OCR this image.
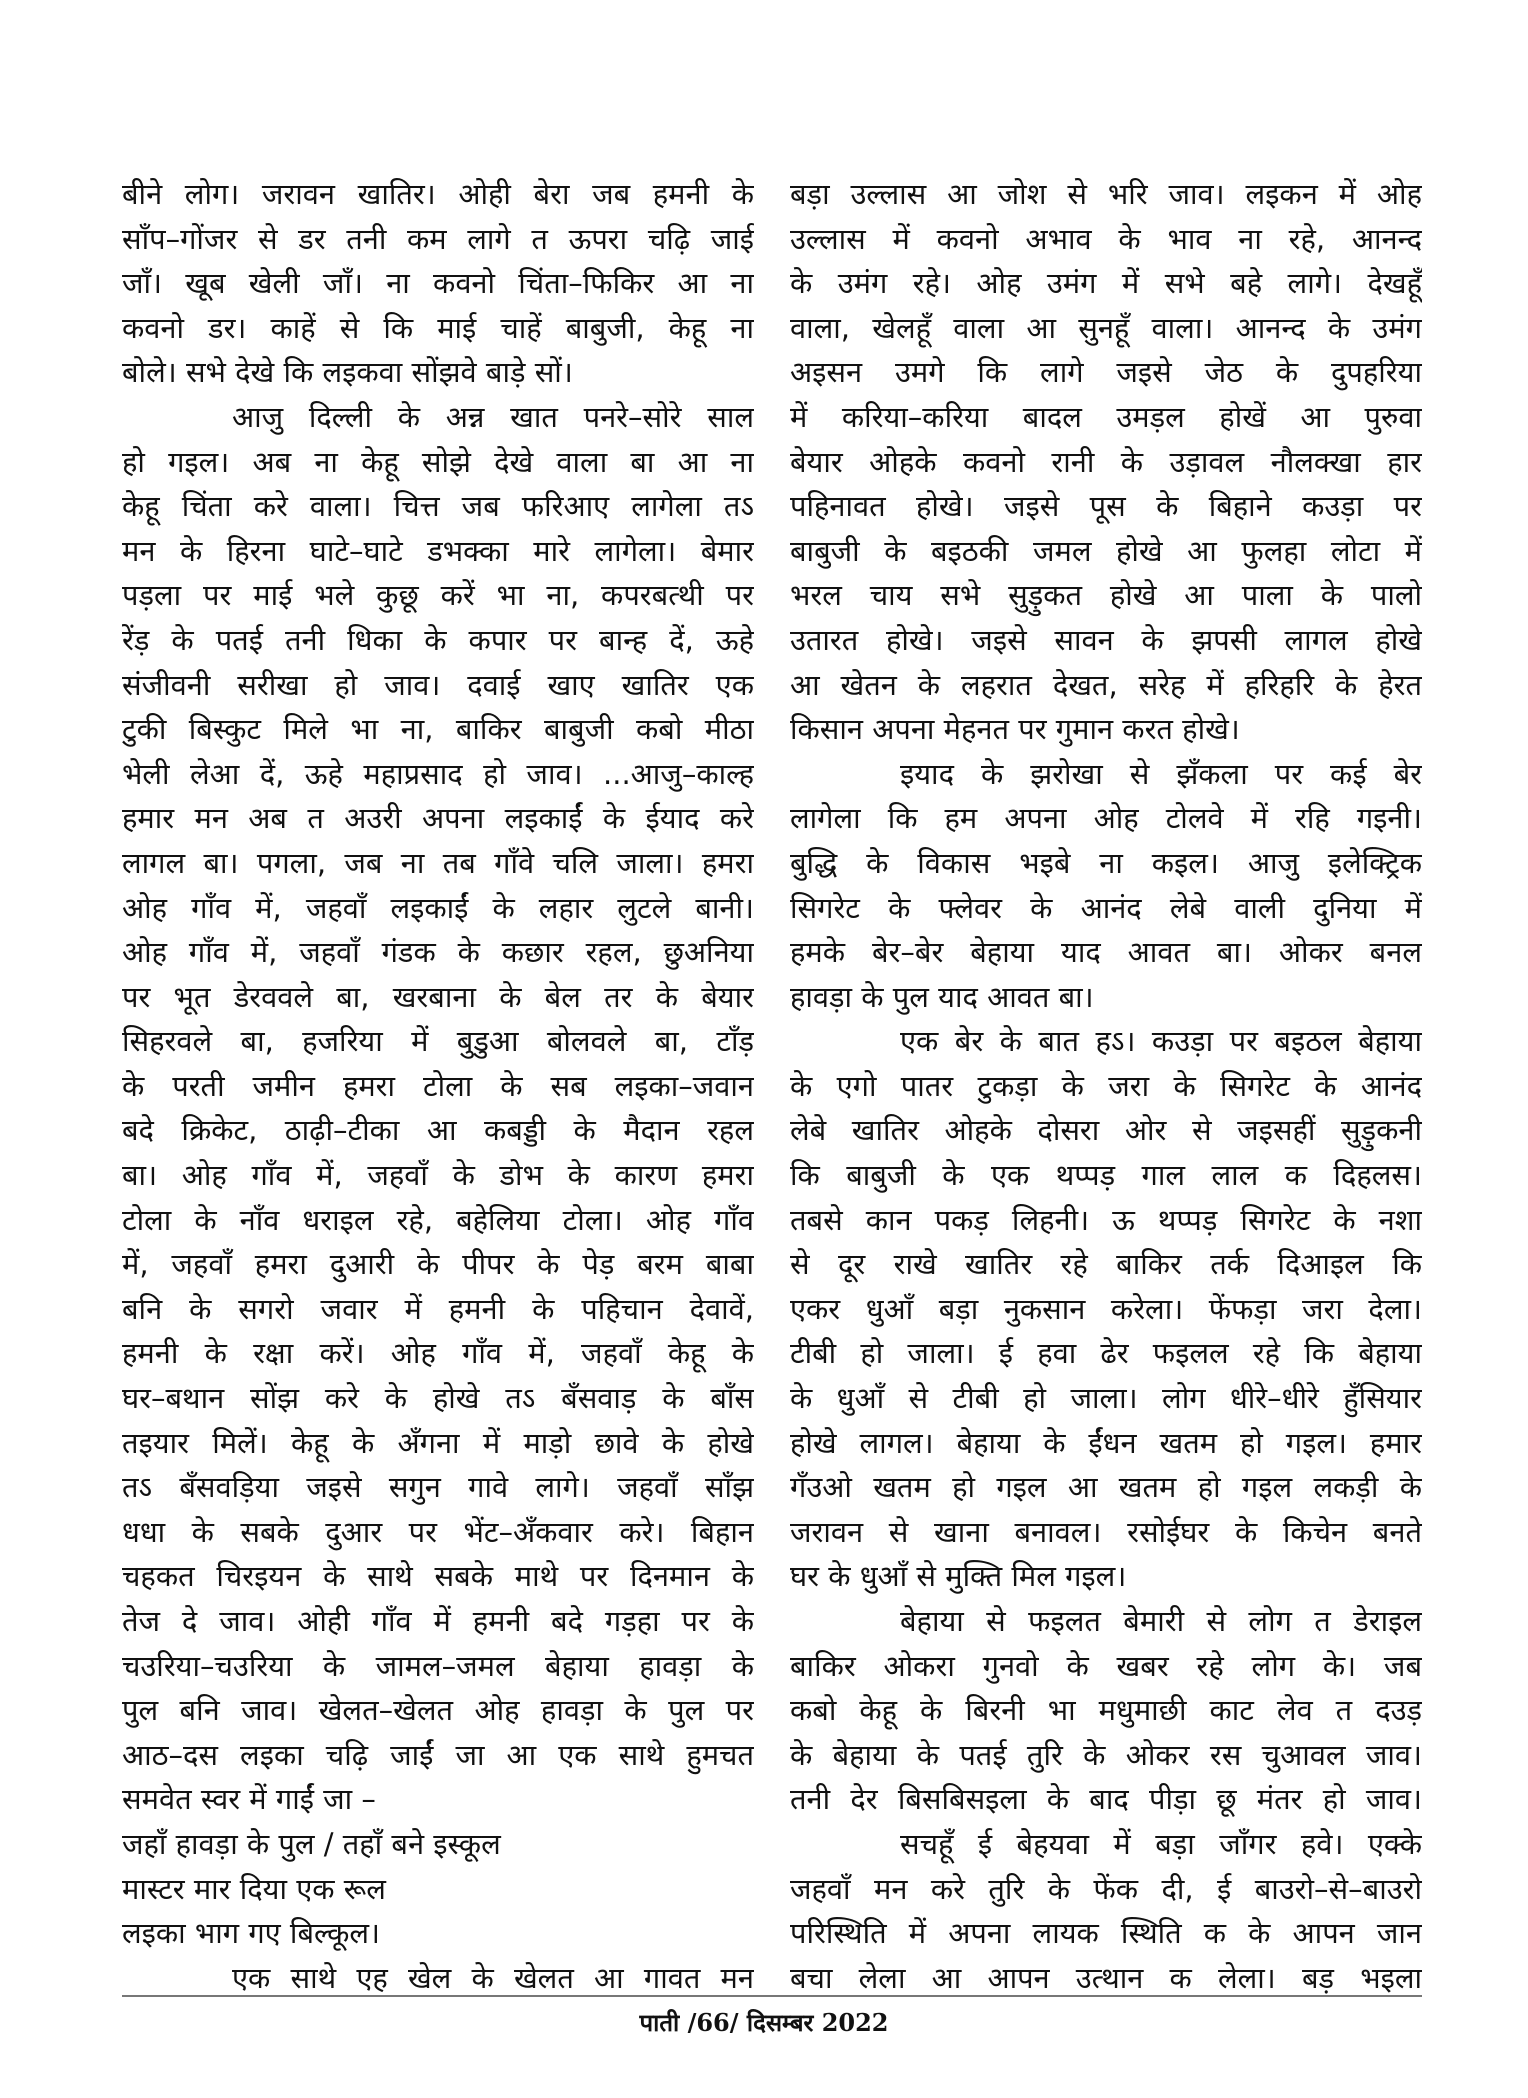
बीने लोग। जरावन खातिर। ओही बेरा जब हमनी के
साँप–गोंजर से डर तनी कम लागे त ऊपरा चढ़ि जाई
जाँ। खूब खेली जाँ। ना कवनो चिंता–फिकिर आ ना
कवनो डर। काहें से कि माई चाहें बाबुजी, केहू ना
बोले। सभे देखे कि लइकवा सोंझवे बाड़े सों।
आजु दिल्ली के अन्न खात पनरे–सोरे साल
हो गइल। अब ना केहू सोझे देखे वाला बा आ ना
केहू चिंता करे वाला। चित्त जब फरिआए लागेला तऽ
मन के हिरना घाटे–घाटे डभक्का मारे लागेला। बेमार
पड़ला पर माई भले कुछू करें भा ना, कपरबत्थी पर
रेंड़ के पतई तनी धिका के कपार पर बान्ह दें, ऊहे
संजीवनी सरीखा हो जाव। दवाई खाए खातिर एक
टुकी बिस्कुट मिले भा ना, बाकिर बाबुजी कबो मीठा
भेली लेआ दें, ऊहे महाप्रसाद हो जाव। ...आजु–काल्ह
हमार मन अब त अउरी अपना लइकाईं के ईयाद करे
लागल बा। पगला, जब ना तब गाँवे चलि जाला। हमरा
ओह गाँव में, जहवाँ लइकाईं के लहार लुटले बानी।
ओह गाँव में, जहवाँ गंडक के कछार रहल, छुअनिया
पर भूत डेरववले बा, खरबाना के बेल तर के बेयार
सिहरवले बा, हजरिया में बुडुआ बोलवले बा, टाँड़
के परती जमीन हमरा टोला के सब लइका–जवान
बदे क्रिकेट, ठाढ़ी–टीका आ कबड्डी के मैदान रहल
बा। ओह गाँव में, जहवाँ के डोभ के कारण हमरा
टोला के नाँव धराइल रहे, बहेलिया टोला। ओह गाँव
में, जहवाँ हमरा दुआरी के पीपर के पेड़ बरम बाबा
बनि के सगरो जवार में हमनी के पहिचान देवावें,
हमनी के रक्षा करें। ओह गाँव में, जहवाँ केहू के
घर–बथान सोंझ करे के होखे तऽ बँसवाड़ के बाँस
तइयार मिलें। केहू के अँगना में माड़ो छावे के होखे
तऽ बँसवड़िया जइसे सगुन गावे लागे। जहवाँ साँझ
धधा के सबके दुआर पर भेंट–अँकवार करे। बिहान
चहकत चिरइयन के साथे सबके माथे पर दिनमान के
तेज दे जाव। ओही गाँव में हमनी बदे गड़हा पर के
चउरिया–चउरिया के जामल–जमल बेहाया हावड़ा के
पुल बनि जाव। खेलत–खेलत ओह हावड़ा के पुल पर
आठ–दस लइका चढ़ि जाईं जा आ एक साथे हुमचत
समवेत स्वर में गाईं जा –
जहाँ हावड़ा के पुल / तहाँ बने इस्कूल
मास्टर मार दिया एक रूल
लइका भाग गए बिल्कूल।
एक साथे एह खेल के खेलत आ गावत मन
बड़ा उल्लास आ जोश से भरि जाव। लइकन में ओह
उल्लास में कवनो अभाव के भाव ना रहे, आनन्द
के उमंग रहे। ओह उमंग में सभे बहे लागे। देखहूँ
वाला, खेलहूँ वाला आ सुनहूँ वाला। आनन्द के उमंग
अइसन उमगे कि लागे जइसे जेठ के दुपहरिया
में करिया–करिया बादल उमड़ल होखें आ पुरुवा
बेयार ओहके कवनो रानी के उड़ावल नौलक्खा हार
पहिनावत होखे। जइसे पूस के बिहाने कउड़ा पर
बाबुजी के बइठकी जमल होखे आ फुलहा लोटा में
भरल चाय सभे सुड़ुकत होखे आ पाला के पालो
उतारत होखे। जइसे सावन के झपसी लागल होखे
आ खेतन के लहरात देखत, सरेह में हरिहरि के हेरत
किसान अपना मेहनत पर गुमान करत होखे।
इयाद के झरोखा से झँकला पर कई बेर
लागेला कि हम अपना ओह टोलवे में रहि गइनी।
बुद्धि के विकास भइबे ना कइल। आजु इलेक्ट्रिक
सिगरेट के फ्लेवर के आनंद लेबे वाली दुनिया में
हमके बेर–बेर बेहाया याद आवत बा। ओकर बनल
हावड़ा के पुल याद आवत बा।
एक बेर के बात हऽ। कउड़ा पर बइठल बेहाया
के एगो पातर टुकड़ा के जरा के सिगरेट के आनंद
लेबे खातिर ओहके दोसरा ओर से जइसहीं सुड़ुकनी
कि बाबुजी के एक थप्पड़ गाल लाल क दिहलस।
तबसे कान पकड़ लिहनी। ऊ थप्पड़ सिगरेट के नशा
से दूर राखे खातिर रहे बाकिर तर्क दिआइल कि
एकर धुआँ बड़ा नुकसान करेला। फेंफड़ा जरा देला।
टीबी हो जाला। ई हवा ढेर फइलल रहे कि बेहाया
के धुआँ से टीबी हो जाला। लोग धीरे–धीरे हुँसियार
होखे लागल। बेहाया के ईंधन खतम हो गइल। हमार
गँउओ खतम हो गइल आ खतम हो गइल लकड़ी के
जरावन से खाना बनावल। रसोईघर के किचेन बनते
घर के धुआँ से मुक्ति मिल गइल।
बेहाया से फइलत बेमारी से लोग त डेराइल
बाकिर ओकरा गुनवो के खबर रहे लोग के। जब
कबो केहू के बिरनी भा मधुमाछी काट लेव त दउड़
के बेहाया के पतई तुरि के ओकर रस चुआवल जाव।
तनी देर बिसबिसइला के बाद पीड़ा छू मंतर हो जाव।
सचहूँ ई बेहयवा में बड़ा जाँगर हवे। एक्के
जहवाँ मन करे तुरि के फेंक दी, ई बाउरो–से–बाउरो
परिस्थिति में अपना लायक स्थिति क के आपन जान
बचा लेला आ आपन उत्थान क लेला। बड़ भइला
पाती /66/ दिसम्बर 2022
